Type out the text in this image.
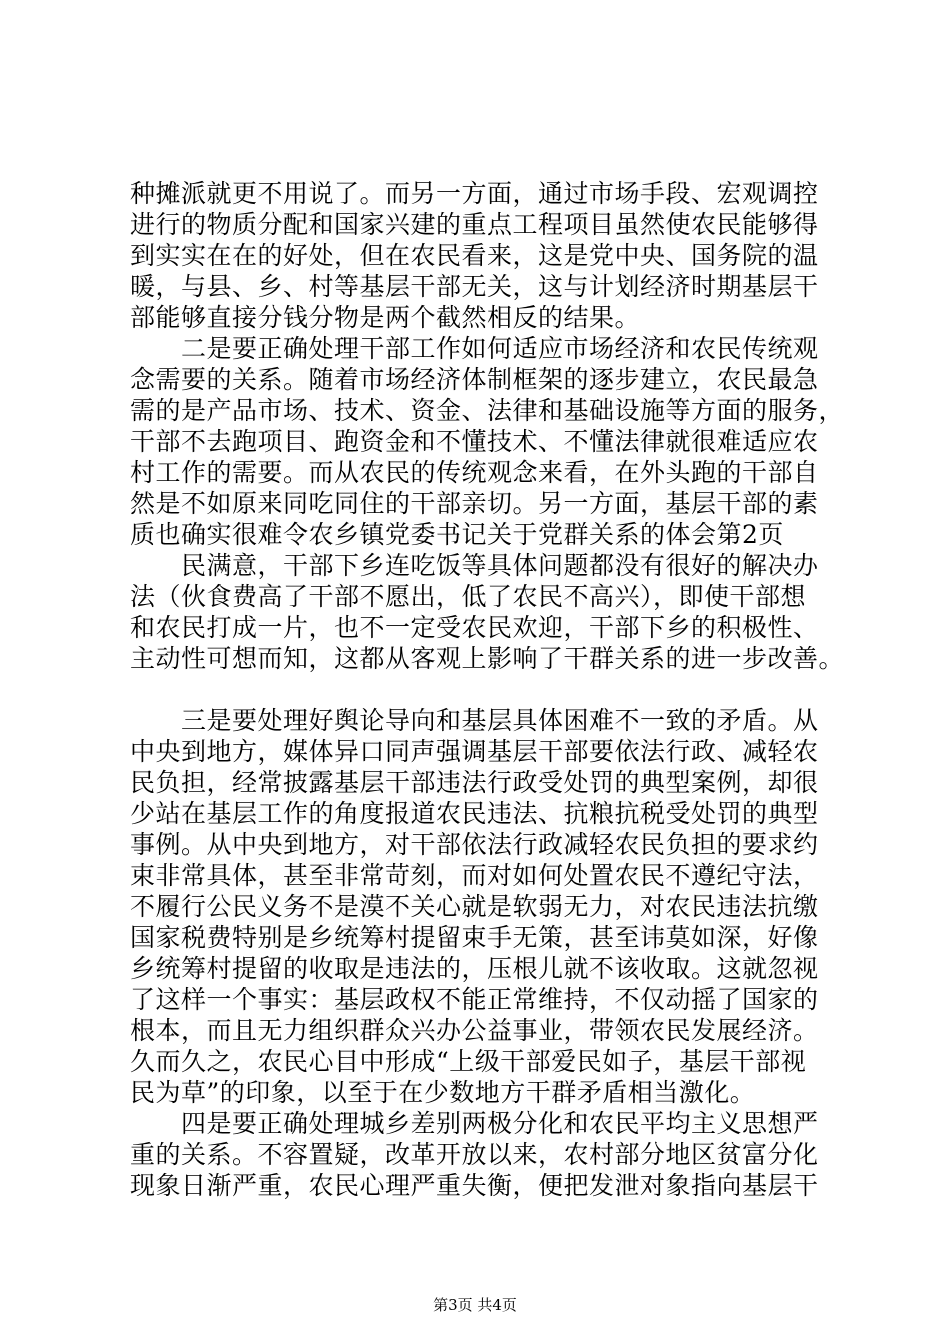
种摊派就更不用说了。而另一方面，通过市场手段、宏观调控
进行的物质分配和国家兴建的重点工程项目虽然使农民能够得
到实实在在的好处，但在农民看来，这是党中央、国务院的温
暖，与县、乡、村等基层干部无关，这与计划经济时期基层干
部能够直接分钱分物是两个截然相反的结果。
　　二是要正确处理干部工作如何适应市场经济和农民传统观
念需要的关系。随着市场经济体制框架的逐步建立，农民最急
需的是产品市场、技术、资金、法律和基础设施等方面的服务，
干部不去跑项目、跑资金和不懂技术、不懂法律就很难适应农
村工作的需要。而从农民的传统观念来看，在外头跑的干部自
然是不如原来同吃同住的干部亲切。另一方面，基层干部的素
质也确实很难令农乡镇党委书记关于党群关系的体会第2页
　　民满意，干部下乡连吃饭等具体问题都没有很好的解决办
法（伙食费高了干部不愿出，低了农民不高兴），即使干部想
和农民打成一片，也不一定受农民欢迎，干部下乡的积极性、
主动性可想而知，这都从客观上影响了干群关系的进一步改善。
　　三是要处理好舆论导向和基层具体困难不一致的矛盾。从
中央到地方，媒体异口同声强调基层干部要依法行政、减轻农
民负担，经常披露基层干部违法行政受处罚的典型案例，却很
少站在基层工作的角度报道农民违法、抗粮抗税受处罚的典型
事例。从中央到地方，对干部依法行政减轻农民负担的要求约
束非常具体，甚至非常苛刻，而对如何处置农民不遵纪守法，
不履行公民义务不是漠不关心就是软弱无力，对农民违法抗缴
国家税费特别是乡统筹村提留束手无策，甚至讳莫如深，好像
乡统筹村提留的收取是违法的，压根儿就不该收取。这就忽视
了这样一个事实：基层政权不能正常维持，不仅动摇了国家的
根本，而且无力组织群众兴办公益事业，带领农民发展经济。
久而久之，农民心目中形成“上级干部爱民如子，基层干部视
民为草”的印象，以至于在少数地方干群矛盾相当激化。
　　四是要正确处理城乡差别两极分化和农民平均主义思想严
重的关系。不容置疑，改革开放以来，农村部分地区贫富分化
现象日渐严重，农民心理严重失衡，便把发泄对象指向基层干
第3页 共4页
